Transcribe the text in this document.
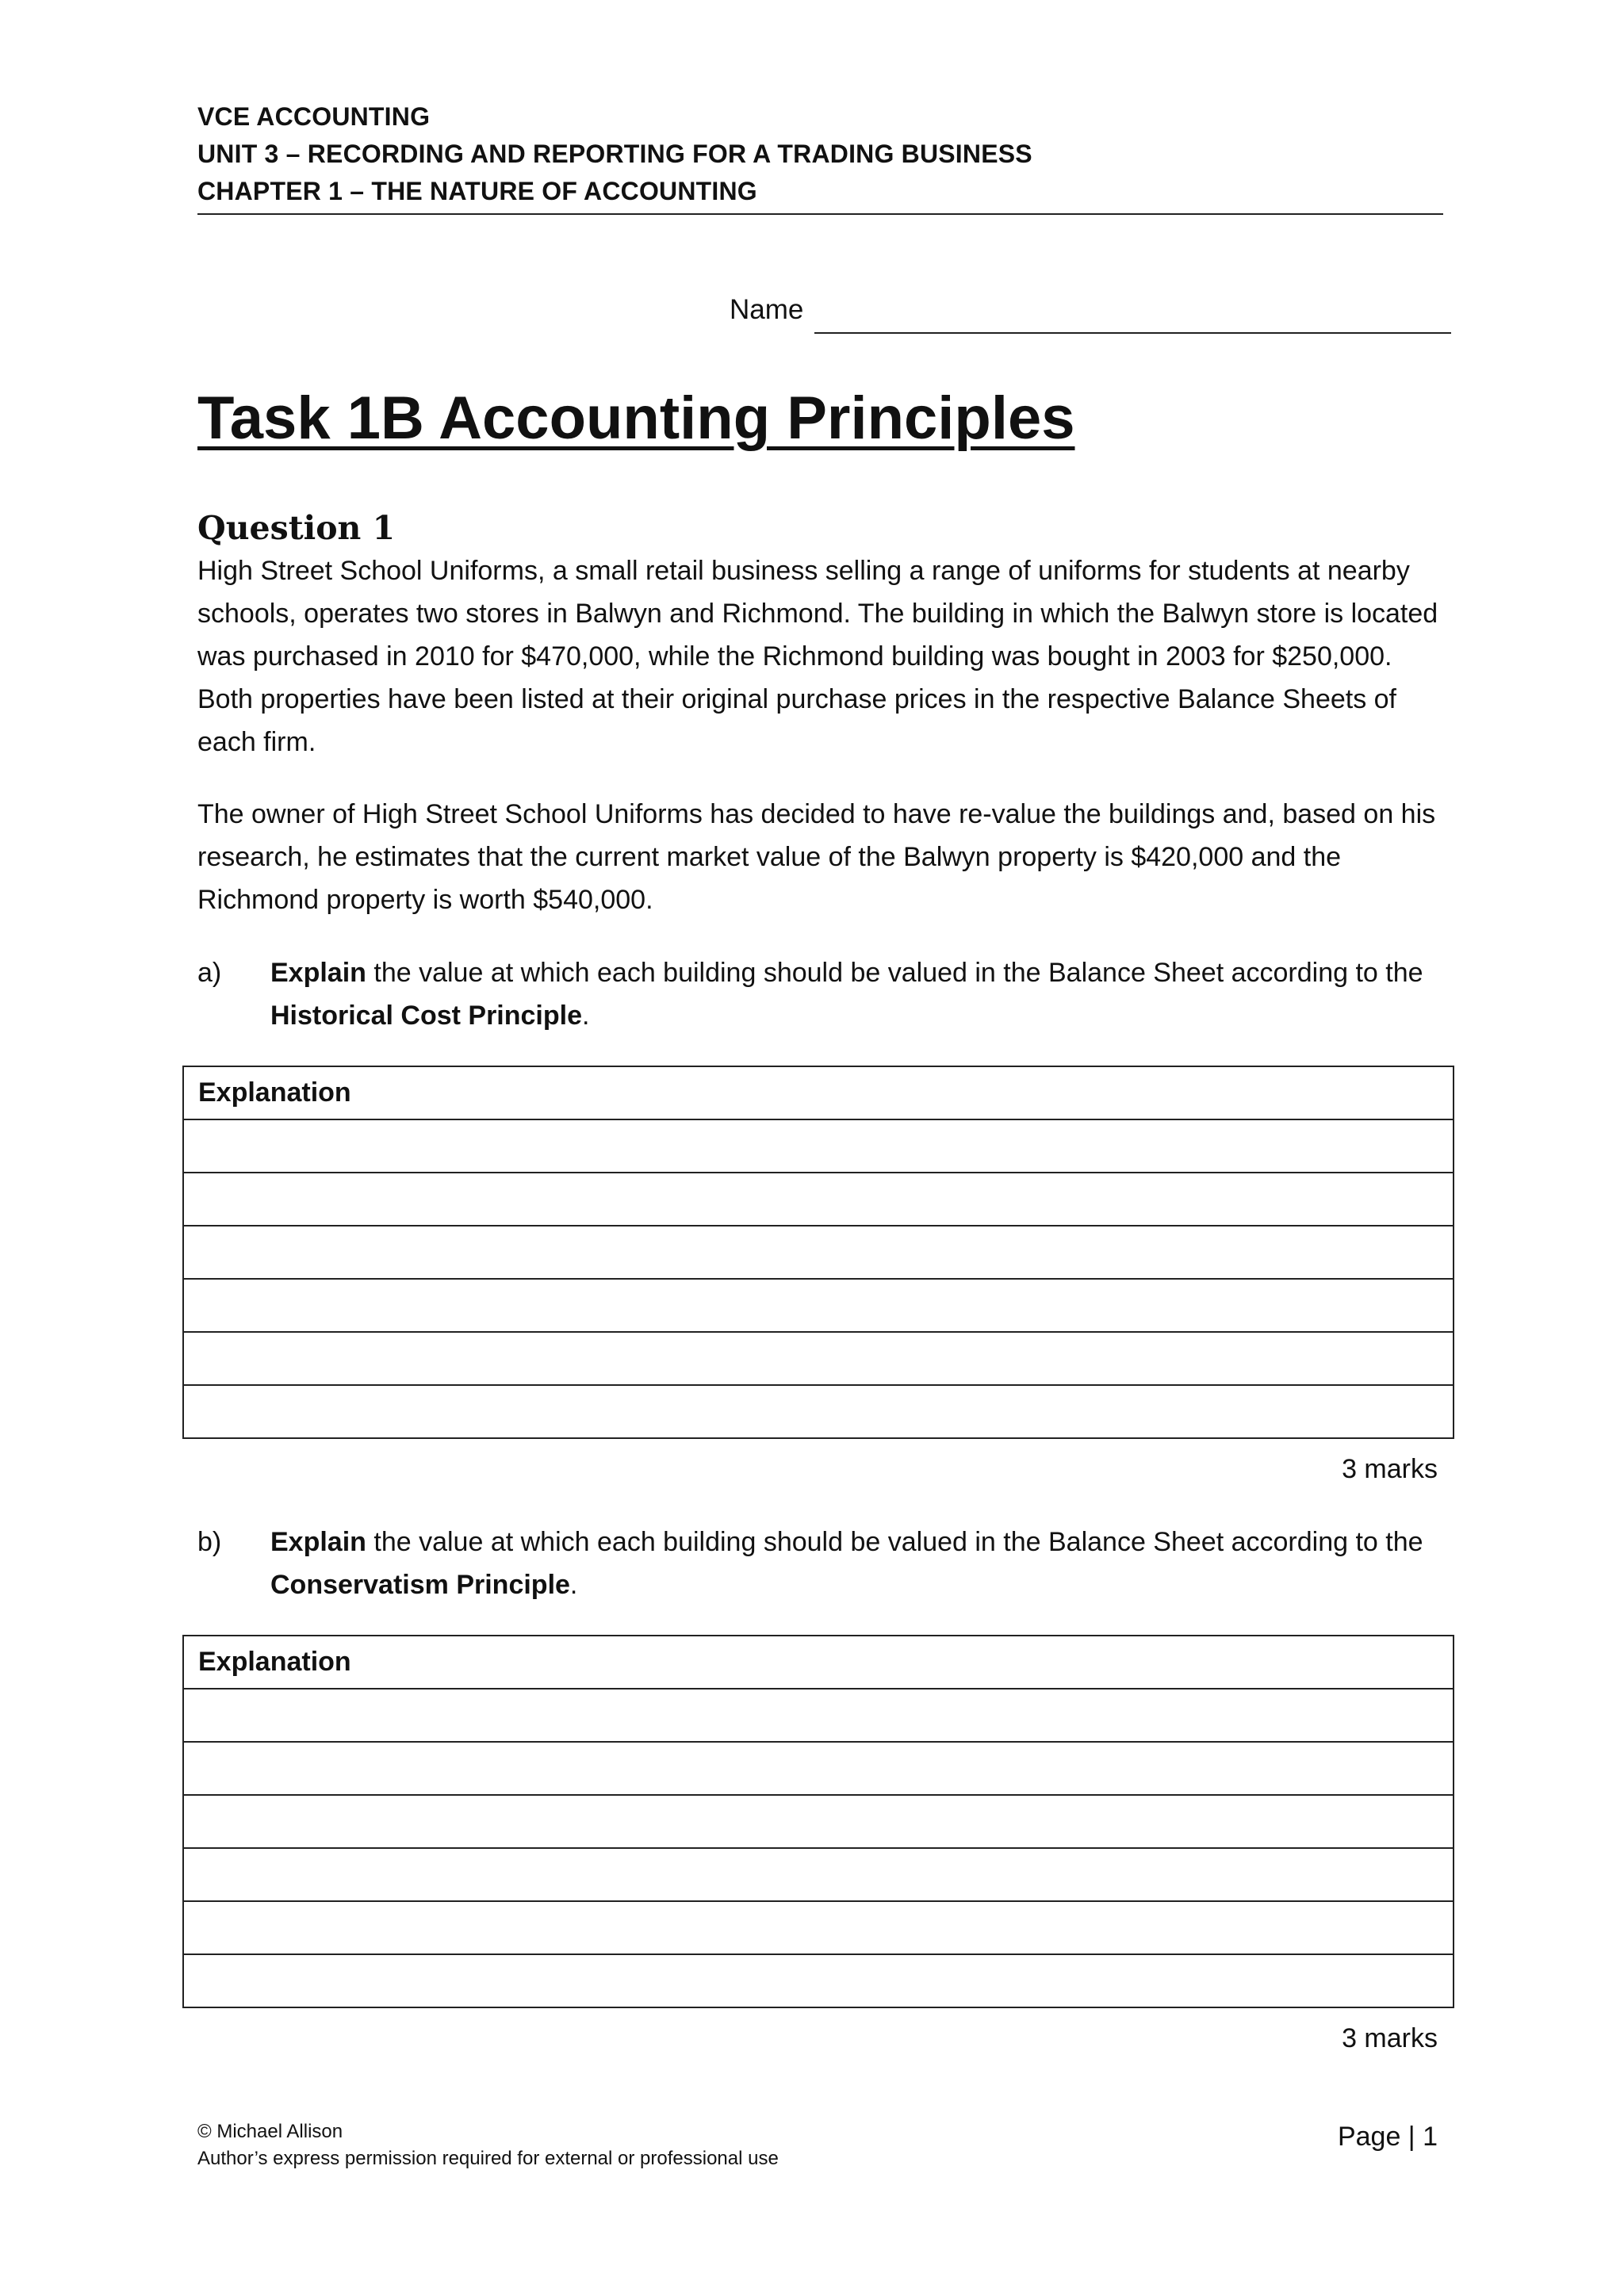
VCE ACCOUNTING
UNIT 3 – RECORDING AND REPORTING FOR A TRADING BUSINESS
CHAPTER 1 – THE NATURE OF ACCOUNTING
Name
Task 1B Accounting Principles
Question 1
High Street School Uniforms, a small retail business selling a range of uniforms for students at nearby schools, operates two stores in Balwyn and Richmond. The building in which the Balwyn store is located was purchased in 2010 for $470,000, while the Richmond building was bought in 2003 for $250,000. Both properties have been listed at their original purchase prices in the respective Balance Sheets of each firm.
The owner of High Street School Uniforms has decided to have re-value the buildings and, based on his research, he estimates that the current market value of the Balwyn property is $420,000 and the Richmond property is worth $540,000.
a) Explain the value at which each building should be valued in the Balance Sheet according to the Historical Cost Principle.
Explanation

3 marks
b) Explain the value at which each building should be valued in the Balance Sheet according to the Conservatism Principle.
Explanation

3 marks
© Michael Allison
Author’s express permission required for external or professional use
Page | 1
